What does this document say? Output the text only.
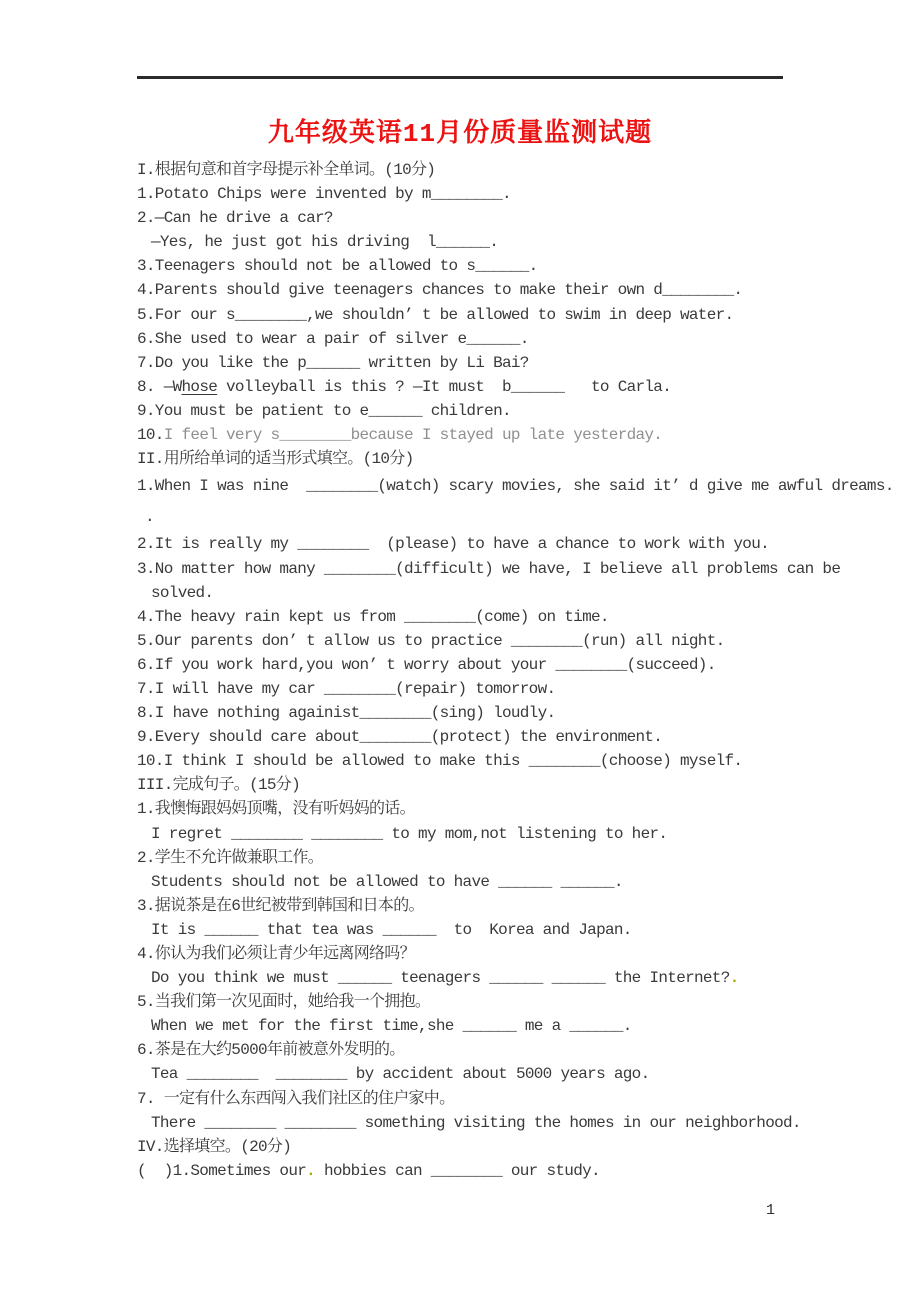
九年级英语11月份质量监测试题
I.根据句意和首字母提示补全单词。(10分)
1.Potato Chips were invented by m________.
2.—Can he drive a car?
—Yes, he just got his driving  l______.
3.Teenagers should not be allowed to s______.
4.Parents should give teenagers chances to make their own d________.
5.For our s________,we shouldn’ t be allowed to swim in deep water.
6.She used to wear a pair of silver e______.
7.Do you like the p______ written by Li Bai?
8. —Whose volleyball is this ? —It must  b______   to Carla.
9.You must be patient to e______ children.
10.I feel very s________because I stayed up late yesterday.
II.用所给单词的适当形式填空。(10分)
1.When I was nine  ________(watch) scary movies, she said it’ d give me awful dreams.
.
2.It is really my ________  (please) to have a chance to work with you.
3.No matter how many ________(difficult) we have, I believe all problems can be
solved.
4.The heavy rain kept us from ________(come) on time.
5.Our parents don’ t allow us to practice ________(run) all night.
6.If you work hard,you won’ t worry about your ________(succeed).
7.I will have my car ________(repair) tomorrow.
8.I have nothing againist________(sing) loudly.
9.Every should care about________(protect) the environment.
10.I think I should be allowed to make this ________(choose) myself.
III.完成句子。(15分)
1.我懊悔跟妈妈顶嘴，没有听妈妈的话。
I regret ________ ________ to my mom,not listening to her.
2.学生不允许做兼职工作。
Students should not be allowed to have ______ ______.
3.据说茶是在6世纪被带到韩国和日本的。
It is ______ that tea was ______  to  Korea and Japan.
4.你认为我们必须让青少年远离网络吗？
Do you think we must ______ teenagers ______ ______ the Internet?.
5.当我们第一次见面时，她给我一个拥抱。
When we met for the first time,she ______ me a ______.
6.茶是在大约5000年前被意外发明的。
Tea ________  ________ by accident about 5000 years ago.
7. 一定有什么东西闯入我们社区的住户家中。
There ________ ________ something visiting the homes in our neighborhood.
IV.选择填空。(20分)
(  )1.Sometimes our. hobbies can ________ our study.
1
